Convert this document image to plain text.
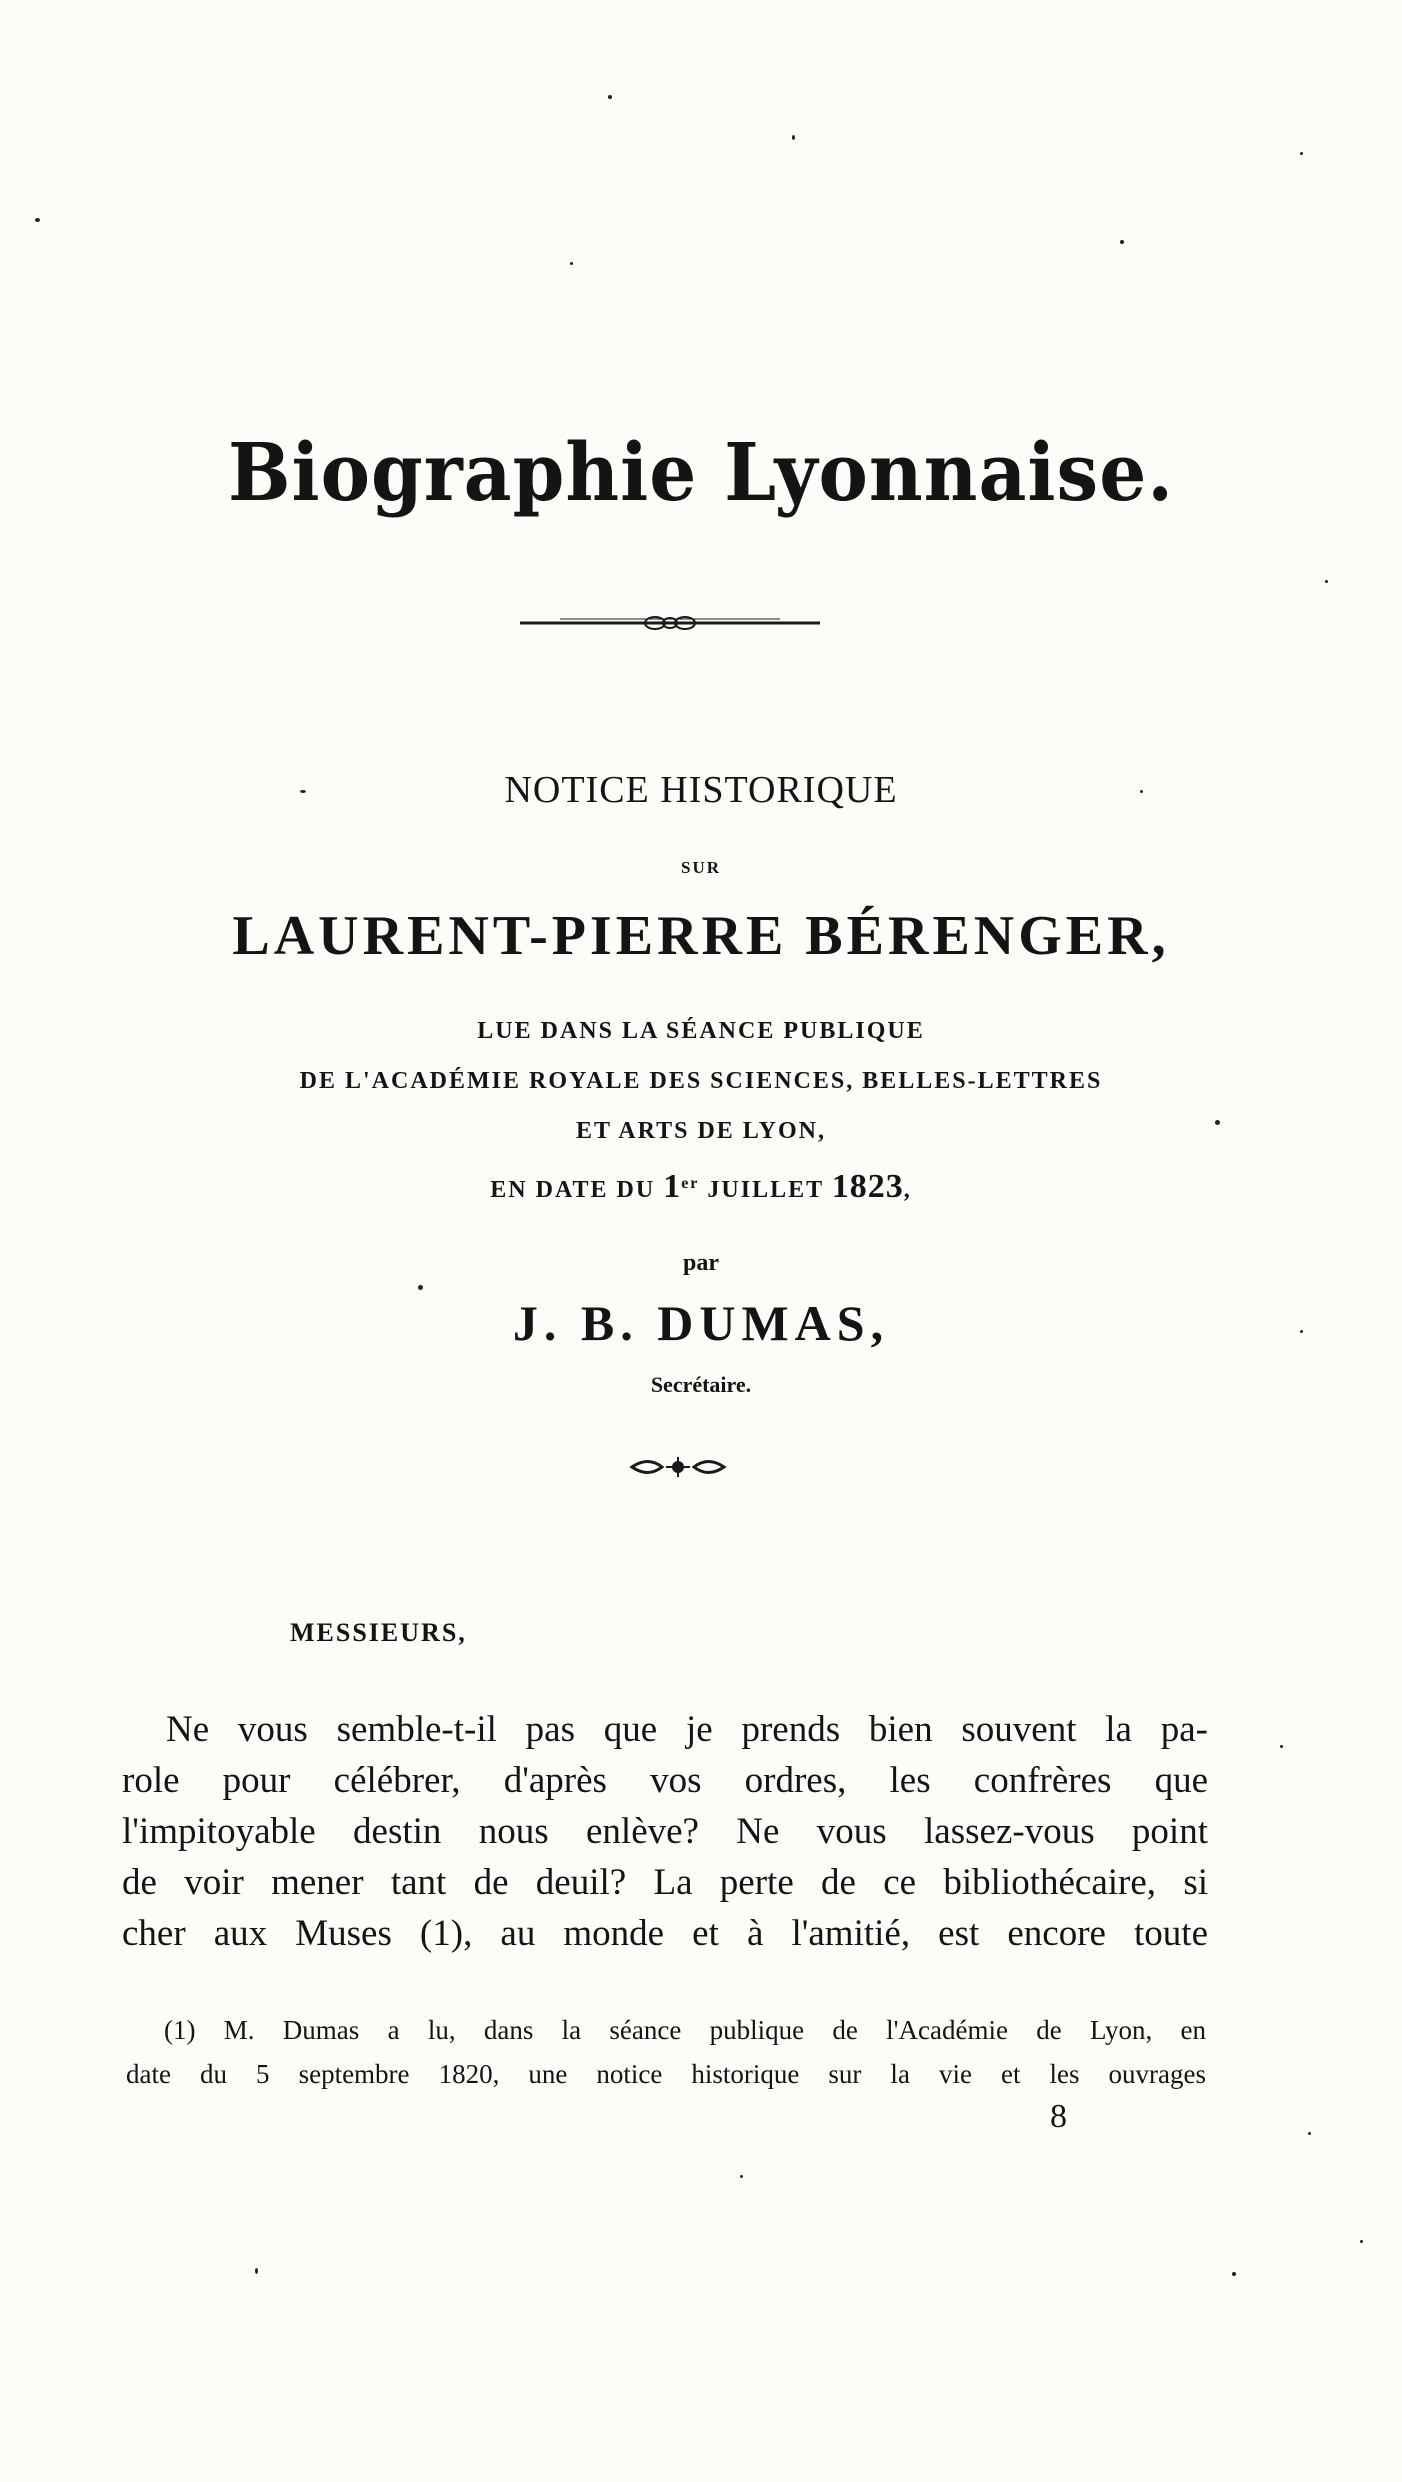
Biographie Lyonnaise.
NOTICE HISTORIQUE
SUR
LAURENT-PIERRE BÉRENGER,
LUE DANS LA SÉANCE PUBLIQUE
DE L'ACADÉMIE ROYALE DES SCIENCES, BELLES-LETTRES
ET ARTS DE LYON,
EN DATE DU 1er JUILLET 1823,
par
J. B. DUMAS,
Secrétaire.
MESSIEURS,
Ne vous semble-t-il pas que je prends bien souvent la pa-
role pour célébrer, d'après vos ordres, les confrères que
l'impitoyable destin nous enlève? Ne vous lassez-vous point
de voir mener tant de deuil? La perte de ce bibliothécaire, si
cher aux Muses (1), au monde et à l'amitié, est encore toute
(1) M. Dumas a lu, dans la séance publique de l'Académie de Lyon, en
date du 5 septembre 1820, une notice historique sur la vie et les ouvrages
8
